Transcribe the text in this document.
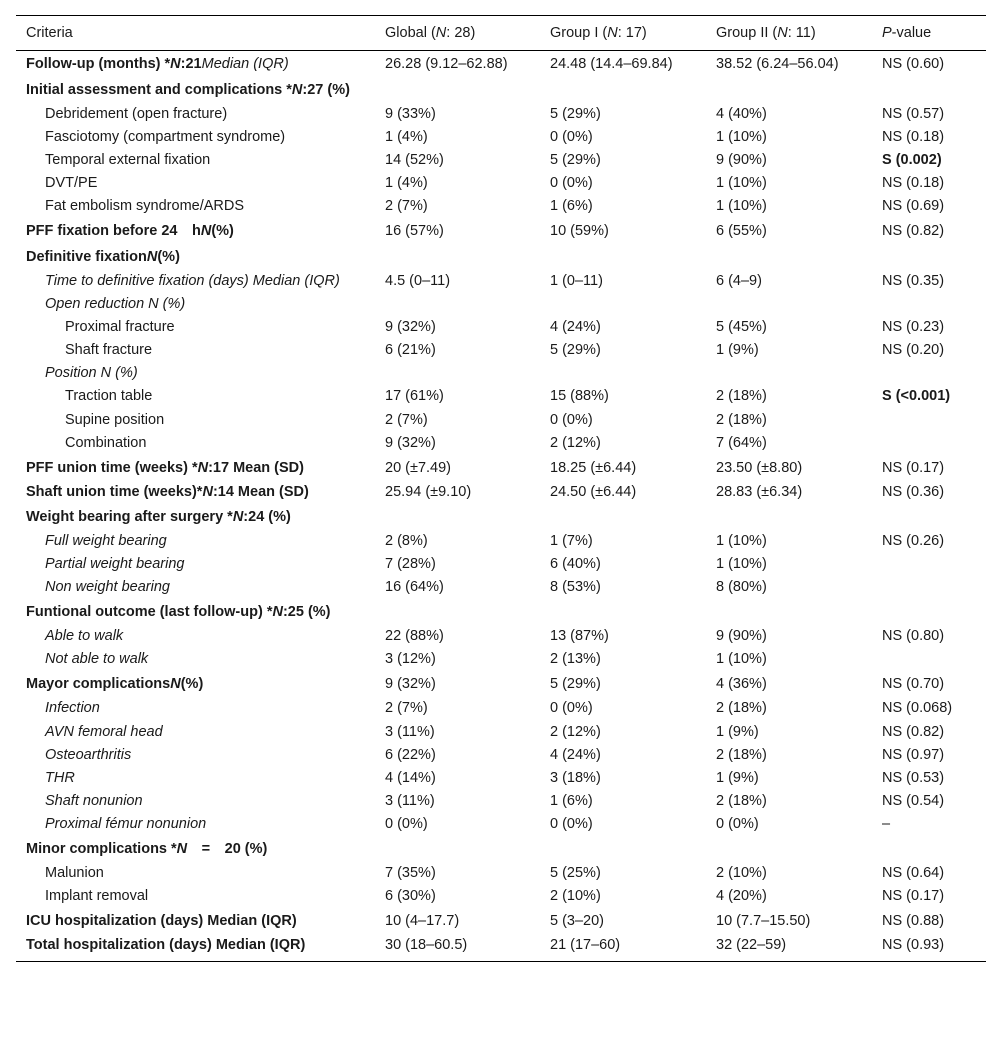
Criteria	Global (N: 28)	Group I (N: 17)	Group II (N: 11)	P-value
Follow-up (months) *N:21Median (IQR)	26.28 (9.12–62.88)	24.48 (14.4–69.84)	38.52 (6.24–56.04)	NS (0.60)
Initial assessment and complications *N:27 (%)				
Debridement (open fracture)	9 (33%)	5 (29%)	4 (40%)	NS (0.57)
Fasciotomy (compartment syndrome)	1 (4%)	0 (0%)	1 (10%)	NS (0.18)
Temporal external fixation	14 (52%)	5 (29%)	9 (90%)	S (0.002)
DVT/PE	1 (4%)	0 (0%)	1 (10%)	NS (0.18)
Fat embolism syndrome/ARDS	2 (7%)	1 (6%)	1 (10%)	NS (0.69)
PFF fixation before 24    hN(%)	16 (57%)	10 (59%)	6 (55%)	NS (0.82)
Definitive fixationN(%)				
Time to definitive fixation (days) Median (IQR)	4.5 (0–11)	1 (0–11)	6 (4–9)	NS (0.35)
Open reduction N (%)				
Proximal fracture	9 (32%)	4 (24%)	5 (45%)	NS (0.23)
Shaft fracture	6 (21%)	5 (29%)	1 (9%)	NS (0.20)
Position N (%)				
Traction table	17 (61%)	15 (88%)	2 (18%)	S (<0.001)
Supine position	2 (7%)	0 (0%)	2 (18%)	
Combination	9 (32%)	2 (12%)	7 (64%)	
PFF union time (weeks) *N:17 Mean (SD)	20 (±7.49)	18.25 (±6.44)	23.50 (±8.80)	NS (0.17)
Shaft union time (weeks)*N:14 Mean (SD)	25.94 (±9.10)	24.50 (±6.44)	28.83 (±6.34)	NS (0.36)
Weight bearing after surgery *N:24 (%)				
Full weight bearing	2 (8%)	1 (7%)	1 (10%)	NS (0.26)
Partial weight bearing	7 (28%)	6 (40%)	1 (10%)	
Non weight bearing	16 (64%)	8 (53%)	8 (80%)	
Funtional outcome (last follow-up) *N:25 (%)				
Able to walk	22 (88%)	13 (87%)	9 (90%)	NS (0.80)
Not able to walk	3 (12%)	2 (13%)	1 (10%)	
Mayor complicationsN(%)	9 (32%)	5 (29%)	4 (36%)	NS (0.70)
Infection	2 (7%)	0 (0%)	2 (18%)	NS (0.068)
AVN femoral head	3 (11%)	2 (12%)	1 (9%)	NS (0.82)
Osteoarthritis	6 (22%)	4 (24%)	2 (18%)	NS (0.97)
THR	4 (14%)	3 (18%)	1 (9%)	NS (0.53)
Shaft nonunion	3 (11%)	1 (6%)	2 (18%)	NS (0.54)
Proximal fémur nonunion	0 (0%)	0 (0%)	0 (0%)	–
Minor complications *N    =    20 (%)				
Malunion	7 (35%)	5 (25%)	2 (10%)	NS (0.64)
Implant removal	6 (30%)	2 (10%)	4 (20%)	NS (0.17)
ICU hospitalization (days) Median (IQR)	10 (4–17.7)	5 (3–20)	10 (7.7–15.50)	NS (0.88)
Total hospitalization (days) Median (IQR)	30 (18–60.5)	21 (17–60)	32 (22–59)	NS (0.93)
